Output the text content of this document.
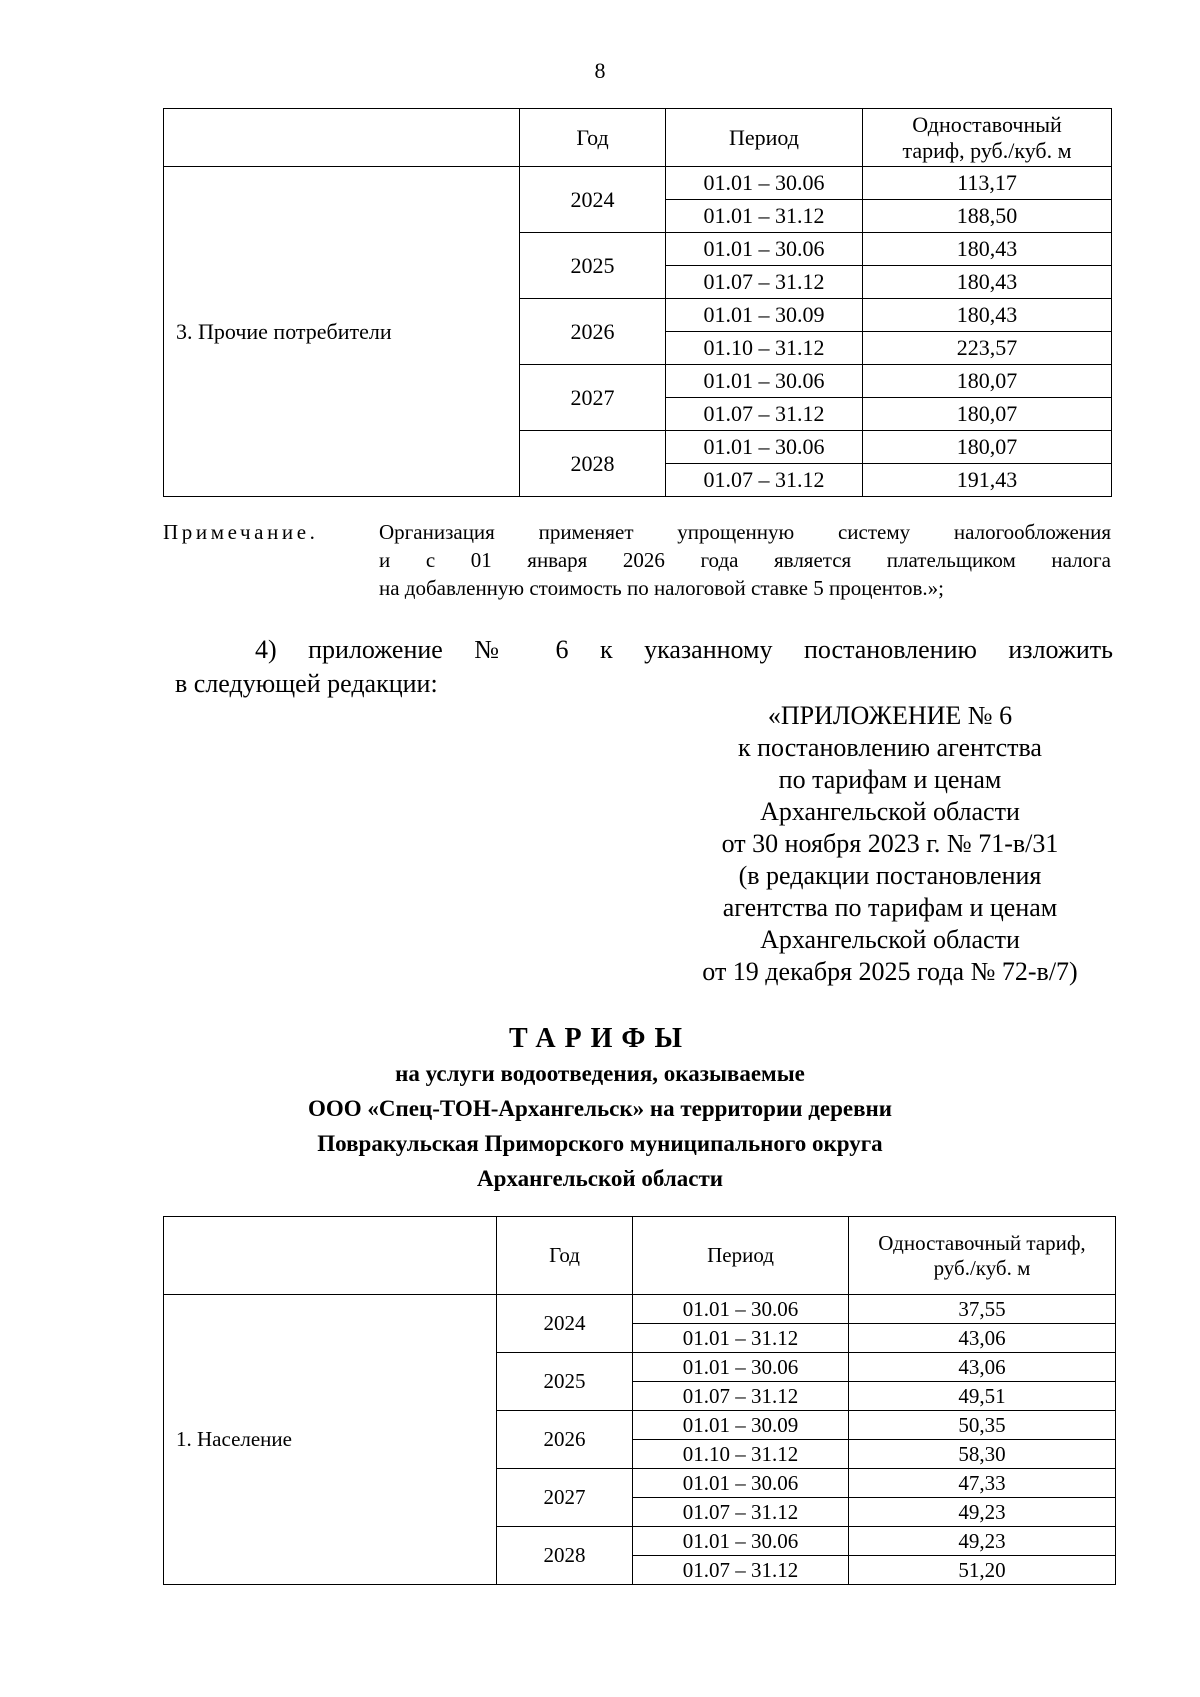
8
	Год	Период	Одноставочный
тариф, руб./куб. м
3. Прочие потребители	2024	01.01 – 30.06	113,17
		01.01 – 31.12	188,50
	2025	01.01 – 30.06	180,43
		01.07 – 31.12	180,43
	2026	01.01 – 30.09	180,43
		01.10 – 31.12	223,57
	2027	01.01 – 30.06	180,07
		01.07 – 31.12	180,07
	2028	01.01 – 30.06	180,07
		01.07 – 31.12	191,43
Примечание.	Организация применяет упрощенную систему налогообложения
и с 01 января 2026 года является плательщиком налога
на добавленную стоимость по налоговой ставке 5 процентов.»;
4) приложение № 6 к указанному постановлению изложить
в следующей редакции:
«ПРИЛОЖЕНИЕ № 6
к постановлению агентства
по тарифам и ценам
Архангельской области
от 30 ноября 2023 г. № 71-в/31
(в редакции постановления
агентства по тарифам и ценам
Архангельской области
от 19 декабря 2025 года № 72-в/7)
ТАРИФЫ
на услуги водоотведения, оказываемые
ООО «Спец-ТОН-Архангельск» на территории деревни
Повракульская Приморского муниципального округа
Архангельской области
	Год	Период	Одноставочный тариф,
руб./куб. м
1. Население	2024	01.01 – 30.06	37,55
		01.01 – 31.12	43,06
	2025	01.01 – 30.06	43,06
		01.07 – 31.12	49,51
	2026	01.01 – 30.09	50,35
		01.10 – 31.12	58,30
	2027	01.01 – 30.06	47,33
		01.07 – 31.12	49,23
	2028	01.01 – 30.06	49,23
		01.07 – 31.12	51,20
